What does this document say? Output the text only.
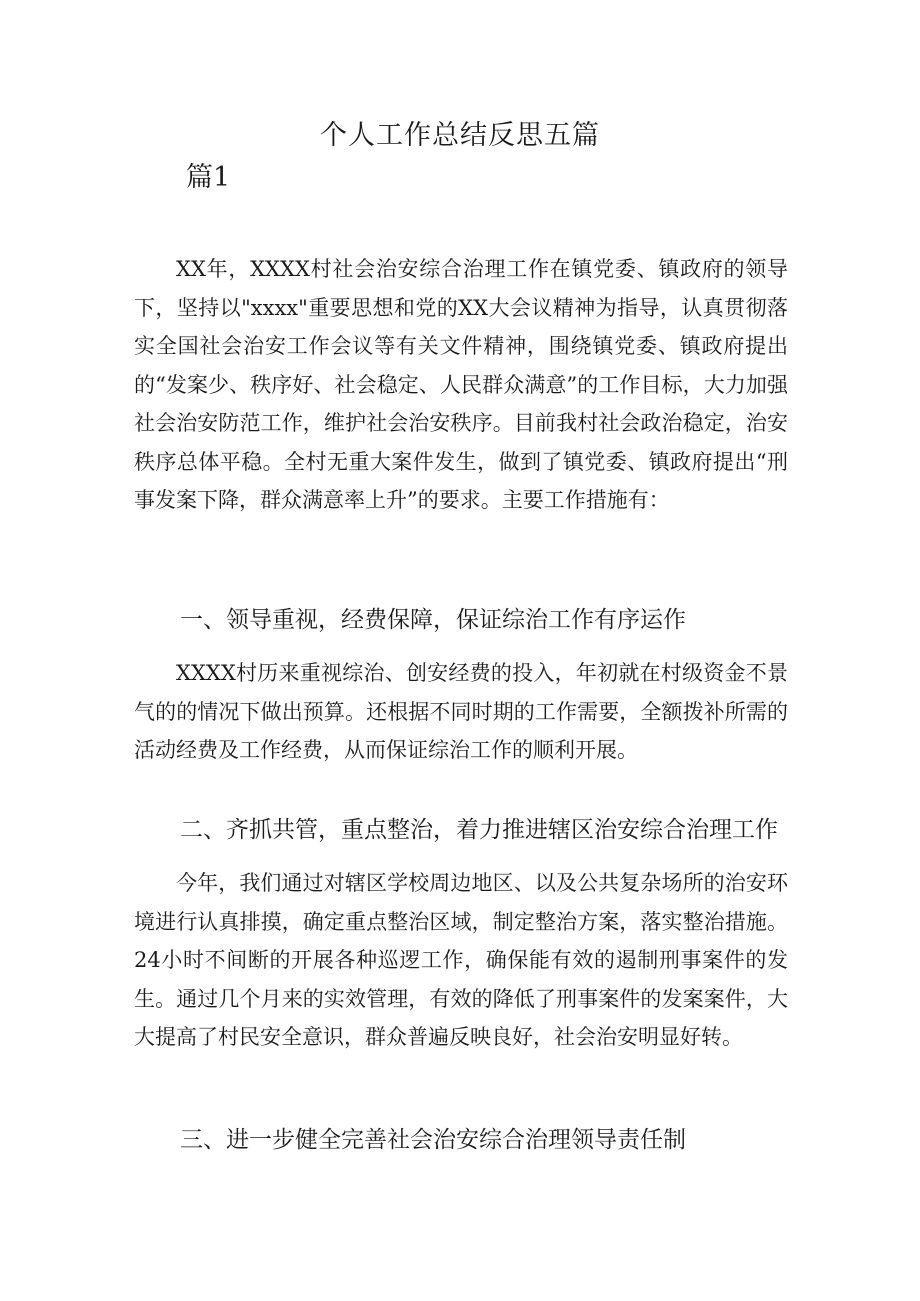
个人工作总结反思五篇
篇1

XX年，XXXX村社会治安综合治理工作在镇党委、镇政府的领导下，坚持以"xxxx"重要思想和党的XX大会议精神为指导，认真贯彻落实全国社会治安工作会议等有关文件精神，围绕镇党委、镇政府提出的“发案少、秩序好、社会稳定、人民群众满意”的工作目标，大力加强社会治安防范工作，维护社会治安秩序。目前我村社会政治稳定，治安秩序总体平稳。全村无重大案件发生，做到了镇党委、镇政府提出“刑事发案下降，群众满意率上升”的要求。主要工作措施有：

一、领导重视，经费保障，保证综治工作有序运作

XXXX村历来重视综治、创安经费的投入，年初就在村级资金不景气的的情况下做出预算。还根据不同时期的工作需要，全额拨补所需的活动经费及工作经费，从而保证综治工作的顺利开展。

二、齐抓共管，重点整治，着力推进辖区治安综合治理工作

今年，我们通过对辖区学校周边地区、以及公共复杂场所的治安环境进行认真排摸，确定重点整治区域，制定整治方案，落实整治措施。24小时不间断的开展各种巡逻工作，确保能有效的遏制刑事案件的发生。通过几个月来的实效管理，有效的降低了刑事案件的发案案件，大大提高了村民安全意识，群众普遍反映良好，社会治安明显好转。

三、进一步健全完善社会治安综合治理领导责任制
